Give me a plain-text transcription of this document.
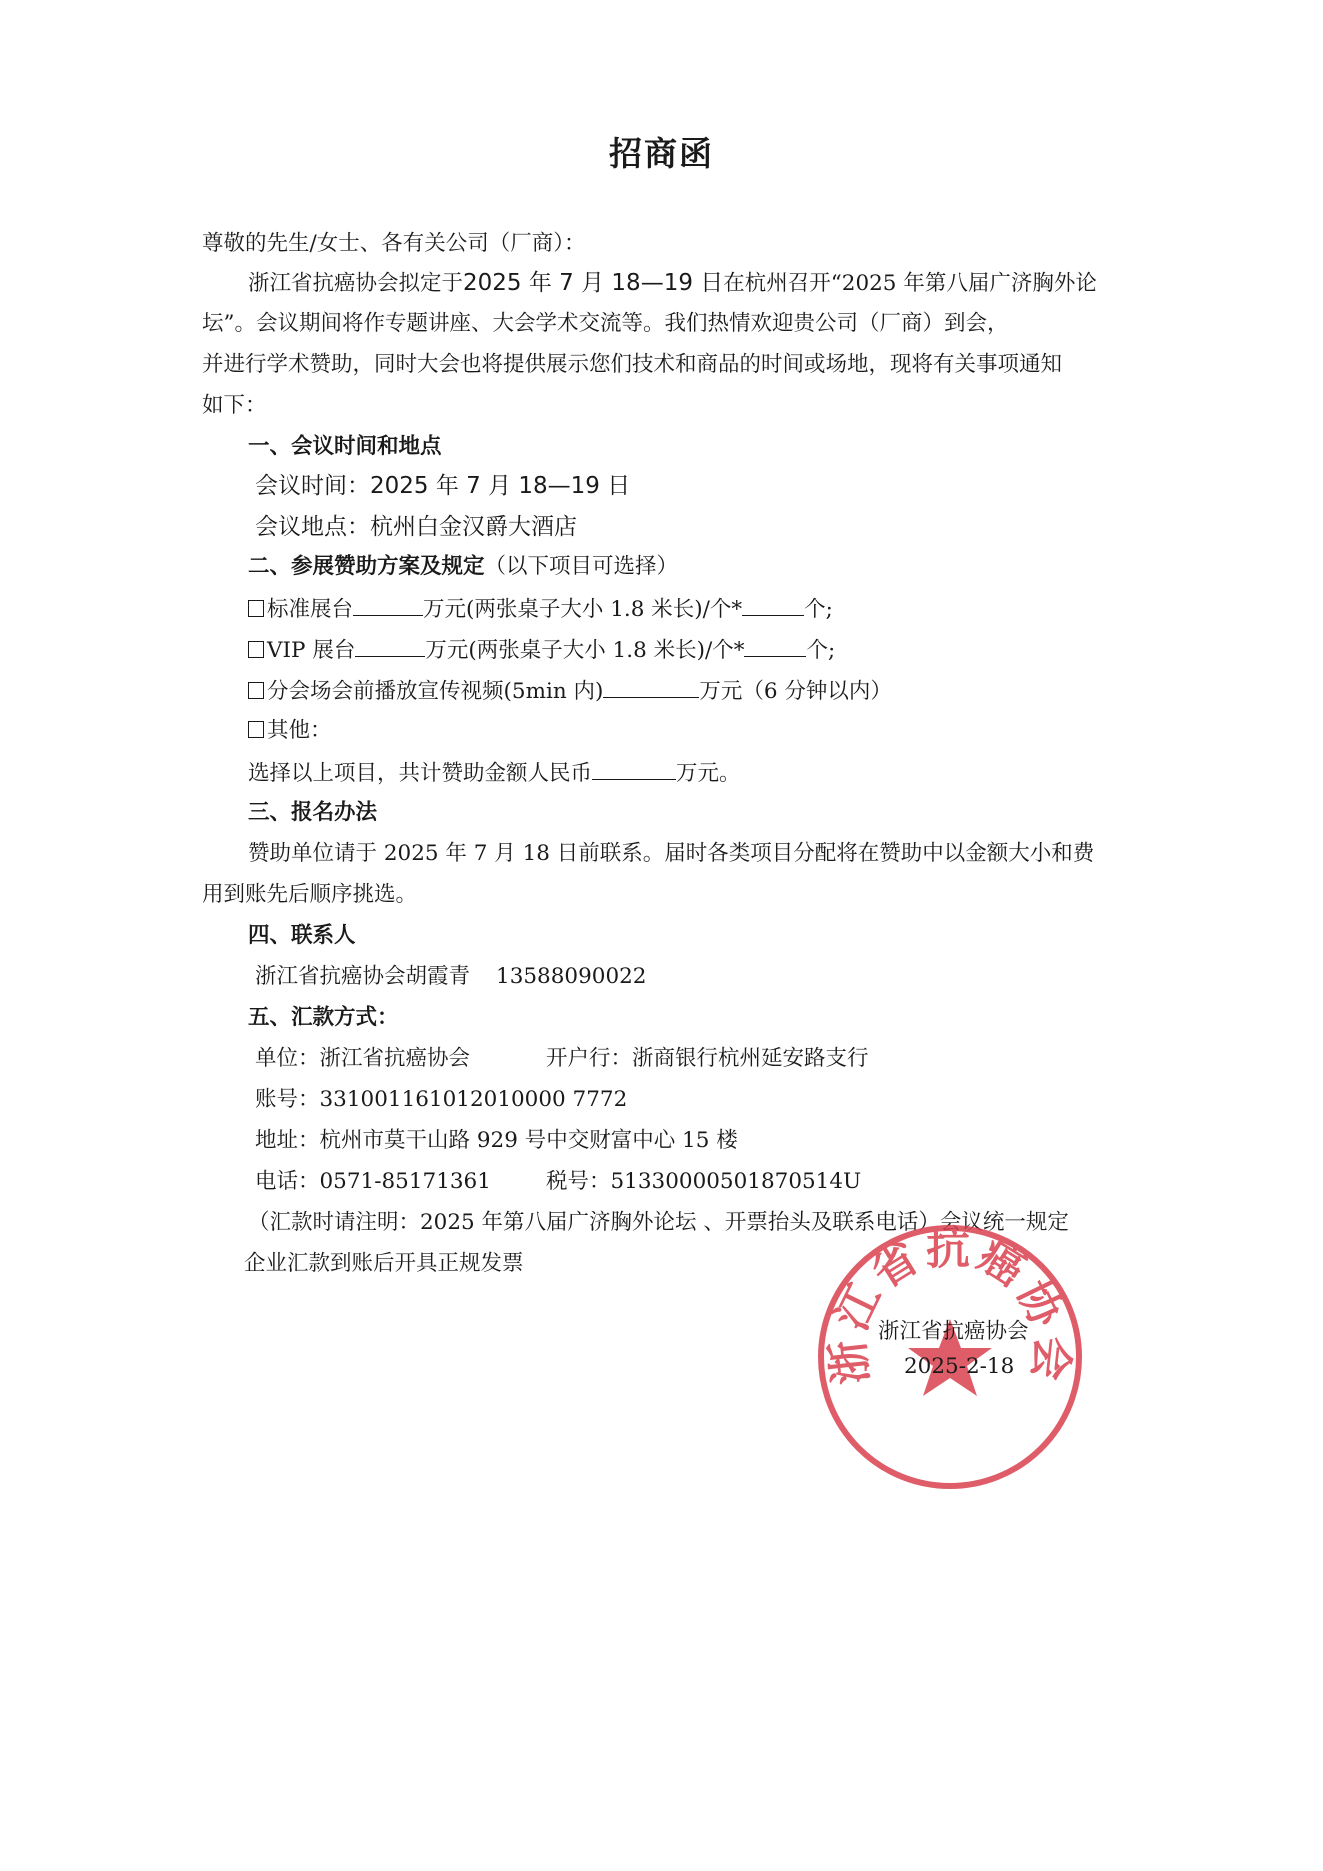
招商函
尊敬的先生/女士、各有关公司（厂商）：
浙江省抗癌协会拟定于2025 年 7 月 18—19 日在杭州召开“2025 年第八届广济胸外论
坛”。会议期间将作专题讲座、大会学术交流等。我们热情欢迎贵公司（厂商）到会，
并进行学术赞助，同时大会也将提供展示您们技术和商品的时间或场地，现将有关事项通知
如下：
一、会议时间和地点
会议时间：2025 年 7 月 18—19 日
会议地点：杭州白金汉爵大酒店
二、参展赞助方案及规定（以下项目可选择）
标准展台	万元(两张桌子大小 1.8 米长)/个*	个;
VIP 展台	万元(两张桌子大小 1.8 米长)/个*	个;
分会场会前播放宣传视频(5min 内)	万元（6 分钟以内）
其他：
选择以上项目，共计赞助金额人民币	万元。
三、报名办法
赞助单位请于 2025 年 7 月 18 日前联系。届时各类项目分配将在赞助中以金额大小和费
用到账先后顺序挑选。
四、联系人
浙江省抗癌协会胡霞青 13588090022
五、汇款方式：
单位：浙江省抗癌协会	开户行：浙商银行杭州延安路支行
账号：331001161012010000 7772
地址：杭州市莫干山路 929 号中交财富中心 15 楼
电话：0571-85171361	税号：51330000501870514U
（汇款时请注明：2025 年第八届广济胸外论坛 、开票抬头及联系电话）会议统一规定
企业汇款到账后开具正规发票
浙江省抗癌协会
浙江省抗癌协会
2025-2-18
